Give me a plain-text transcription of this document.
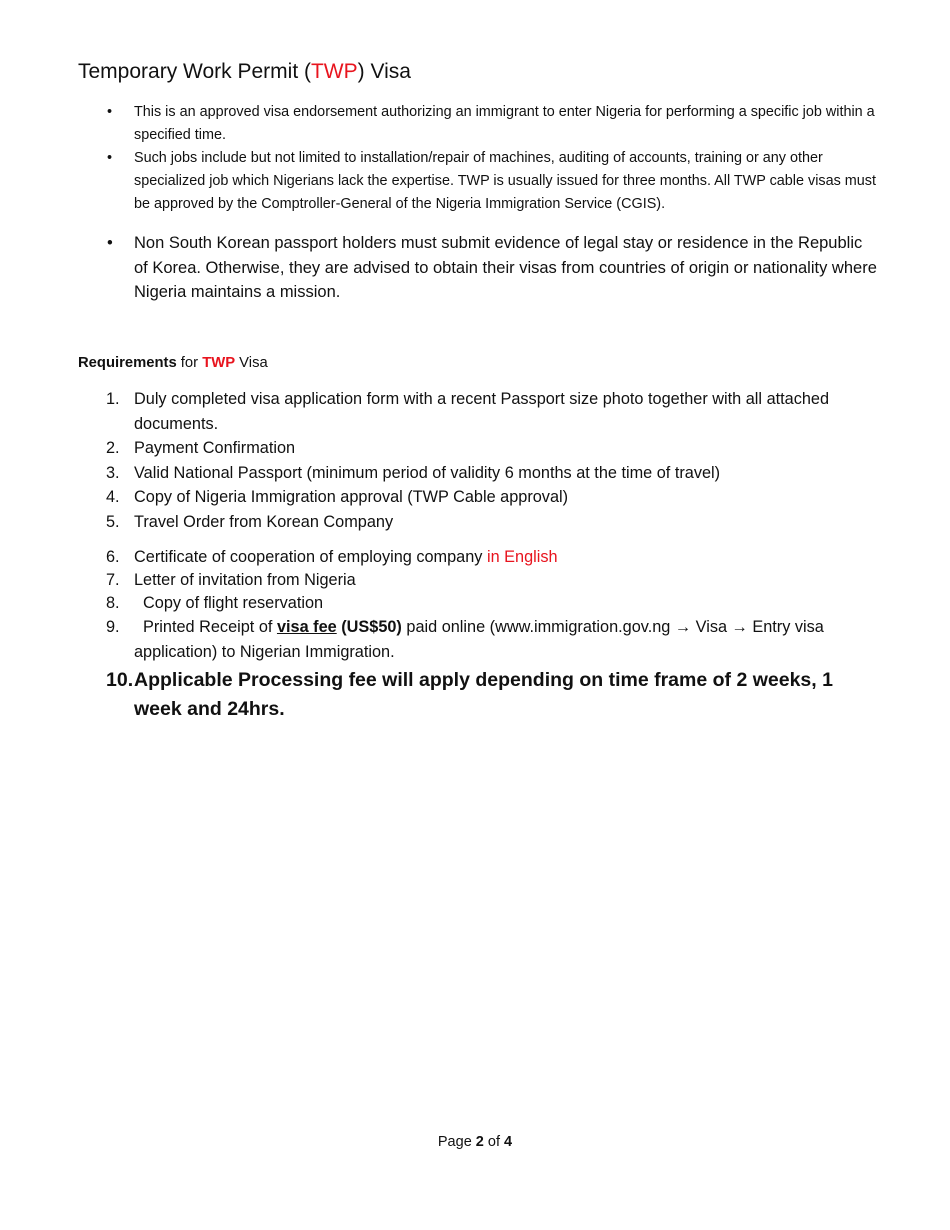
Temporary Work Permit (TWP) Visa
• This is an approved visa endorsement authorizing an immigrant to enter Nigeria for performing a specific job within a specified time.
• Such jobs include but not limited to installation/repair of machines, auditing of accounts, training or any other specialized job which Nigerians lack the expertise. TWP is usually issued for three months. All TWP cable visas must be approved by the Comptroller-General of the Nigeria Immigration Service (CGIS).
• Non South Korean passport holders must submit evidence of legal stay or residence in the Republic of Korea. Otherwise, they are advised to obtain their visas from countries of origin or nationality where Nigeria maintains a mission.
Requirements for TWP Visa
1. Duly completed visa application form with a recent Passport size photo together with all attached documents.
2. Payment Confirmation
3. Valid National Passport (minimum period of validity 6 months at the time of travel)
4. Copy of Nigeria Immigration approval (TWP Cable approval)
5. Travel Order from Korean Company
6. Certificate of cooperation of employing company in English
7. Letter of invitation from Nigeria
8. Copy of flight reservation
9. Printed Receipt of visa fee (US$50) paid online (www.immigration.gov.ng → Visa → Entry visa application) to Nigerian Immigration.
10. Applicable Processing fee will apply depending on time frame of 2 weeks, 1 week and 24hrs.
Page 2 of 4
